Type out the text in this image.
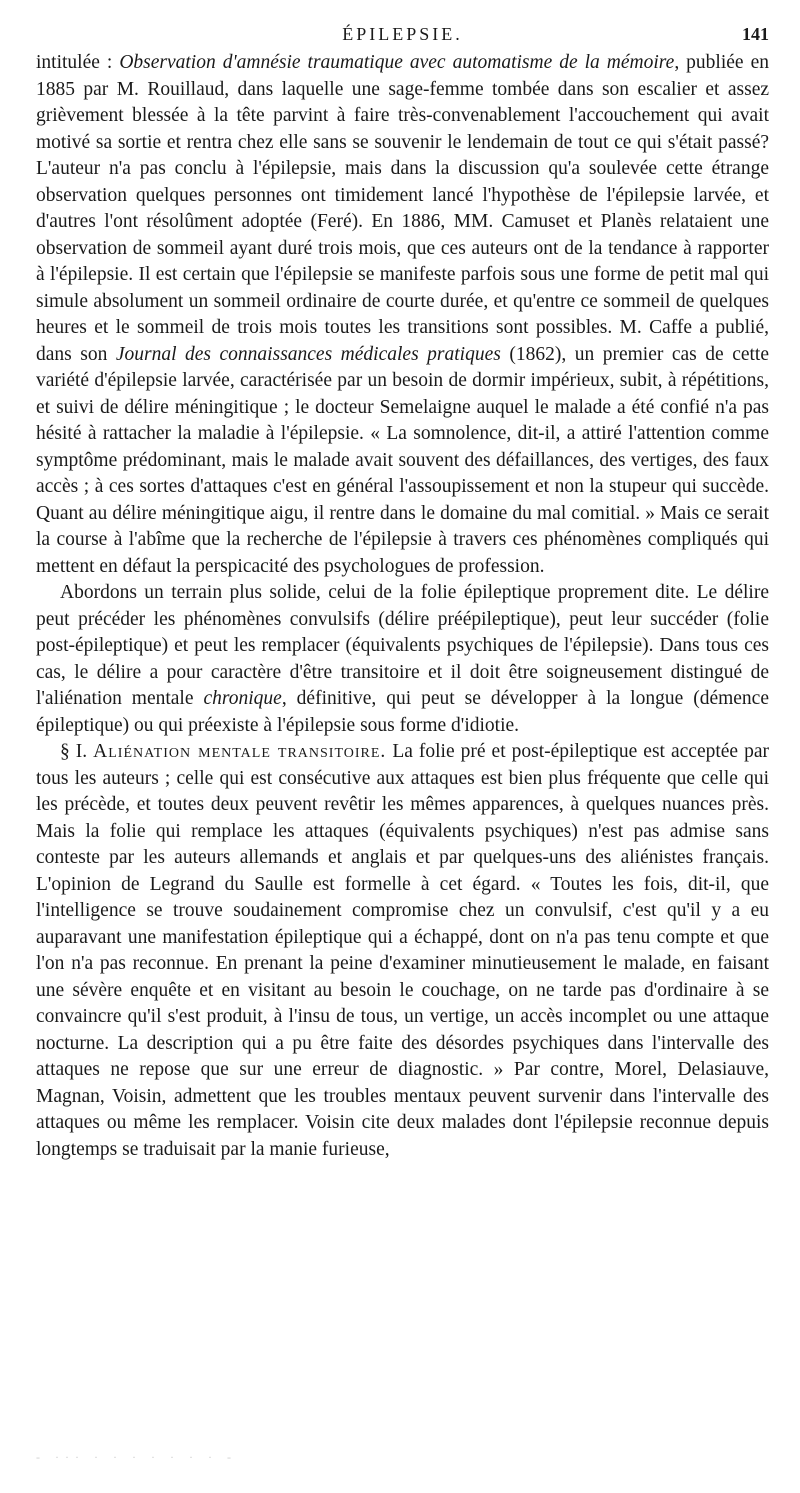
ÉPILEPSIE.	141

intitulée : Observation d'amnésie traumatique avec automatisme de la mémoire, publiée en 1885 par M. Rouillaud, dans laquelle une sage-femme tombée dans son escalier et assez grièvement blessée à la tête parvint à faire très-convenablement l'accouchement qui avait motivé sa sortie et rentra chez elle sans se souvenir le lendemain de tout ce qui s'était passé? L'auteur n'a pas conclu à l'épilepsie, mais dans la discussion qu'a soulevée cette étrange observation quelques personnes ont timidement lancé l'hypothèse de l'épilepsie larvée, et d'autres l'ont résolûment adoptée (Feré). En 1886, MM. Camuset et Planès relataient une observation de sommeil ayant duré trois mois, que ces auteurs ont de la tendance à rapporter à l'épilepsie. Il est certain que l'épilepsie se manifeste parfois sous une forme de petit mal qui simule absolument un sommeil ordinaire de courte durée, et qu'entre ce sommeil de quelques heures et le sommeil de trois mois toutes les transitions sont possibles. M. Caffe a publié, dans son Journal des connaissances médicales pratiques (1862), un premier cas de cette variété d'épilepsie larvée, caractérisée par un besoin de dormir impérieux, subit, à répétitions, et suivi de délire méningitique ; le docteur Semelaigne auquel le malade a été confié n'a pas hésité à rattacher la maladie à l'épilepsie. « La somnolence, dit-il, a attiré l'attention comme symptôme prédominant, mais le malade avait souvent des défaillances, des vertiges, des faux accès ; à ces sortes d'attaques c'est en général l'assoupissement et non la stupeur qui succède. Quant au délire méningitique aigu, il rentre dans le domaine du mal comitial. » Mais ce serait la course à l'abîme que la recherche de l'épilepsie à travers ces phénomènes compliqués qui mettent en défaut la perspicacité des psychologues de profession.

Abordons un terrain plus solide, celui de la folie épileptique proprement dite. Le délire peut précéder les phénomènes convulsifs (délire préépileptique), peut leur succéder (folie post-épileptique) et peut les remplacer (équivalents psychiques de l'épilepsie). Dans tous ces cas, le délire a pour caractère d'être transitoire et il doit être soigneusement distingué de l'aliénation mentale chronique, définitive, qui peut se développer à la longue (démence épileptique) ou qui préexiste à l'épilepsie sous forme d'idiotie.

§ I. Aliénation mentale transitoire. La folie pré et post-épileptique est acceptée par tous les auteurs ; celle qui est consécutive aux attaques est bien plus fréquente que celle qui les précède, et toutes deux peuvent revêtir les mêmes apparences, à quelques nuances près. Mais la folie qui remplace les attaques (équivalents psychiques) n'est pas admise sans conteste par les auteurs allemands et anglais et par quelques-uns des aliénistes français. L'opinion de Legrand du Saulle est formelle à cet égard. « Toutes les fois, dit-il, que l'intelligence se trouve soudainement compromise chez un convulsif, c'est qu'il y a eu auparavant une manifestation épileptique qui a échappé, dont on n'a pas tenu compte et que l'on n'a pas reconnue. En prenant la peine d'examiner minutieusement le malade, en faisant une sévère enquête et en visitant au besoin le couchage, on ne tarde pas d'ordinaire à se convaincre qu'il s'est produit, à l'insu de tous, un vertige, un accès incomplet ou une attaque nocturne. La description qui a pu être faite des désordes psychiques dans l'intervalle des attaques ne repose que sur une erreur de diagnostic. » Par contre, Morel, Delasiauve, Magnan, Voisin, admettent que les troubles mentaux peuvent survenir dans l'intervalle des attaques ou même les remplacer. Voisin cite deux malades dont l'épilepsie reconnue depuis longtemps se traduisait par la manie furieuse,

- ··· · · · · · · · -
